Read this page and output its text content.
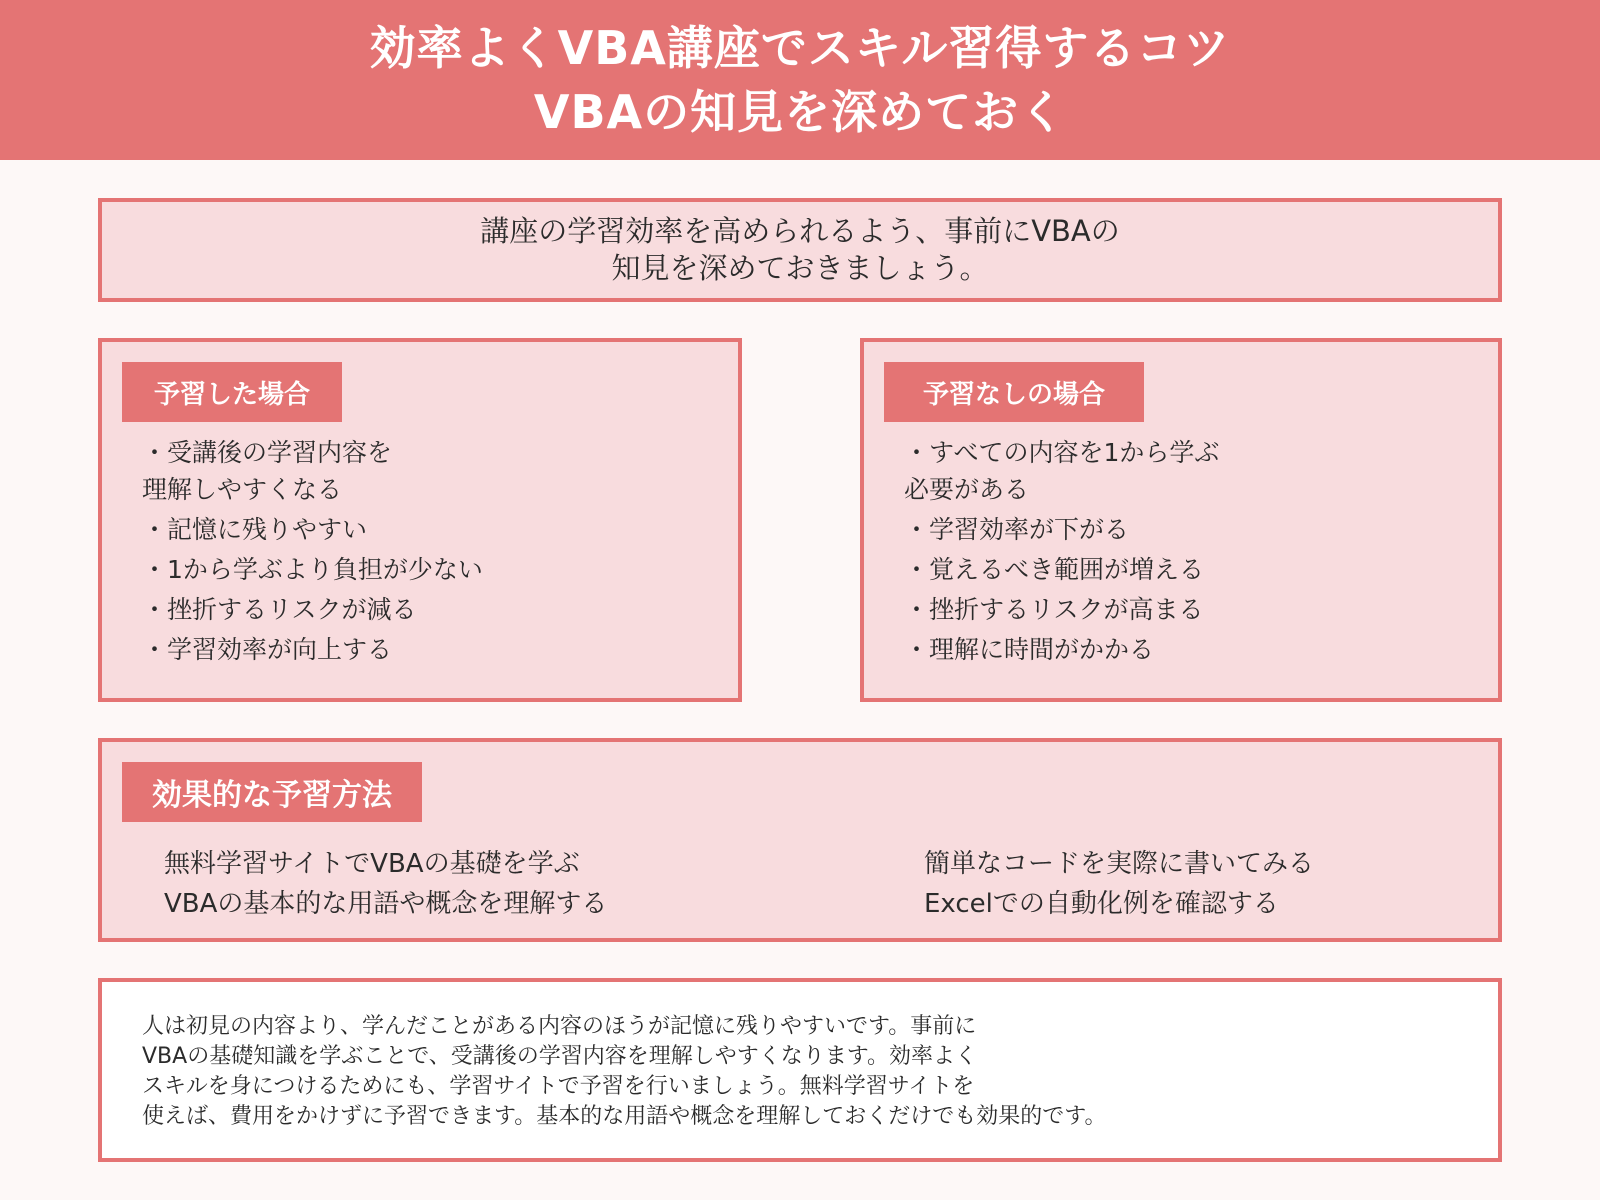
効率よくVBA講座でスキル習得するコツ
VBAの知見を深めておく
講座の学習効率を高められるよう、事前にVBAの
知見を深めておきましょう。
予習した場合
・受講後の学習内容を
理解しやすくなる
・記憶に残りやすい
・1から学ぶより負担が少ない
・挫折するリスクが減る
・学習効率が向上する
予習なしの場合
・すべての内容を1から学ぶ
必要がある
・学習効率が下がる
・覚えるべき範囲が増える
・挫折するリスクが高まる
・理解に時間がかかる
効果的な予習方法
無料学習サイトでVBAの基礎を学ぶ
VBAの基本的な用語や概念を理解する
簡単なコードを実際に書いてみる
Excelでの自動化例を確認する
人は初見の内容より、学んだことがある内容のほうが記憶に残りやすいです。事前に
VBAの基礎知識を学ぶことで、受講後の学習内容を理解しやすくなります。効率よく
スキルを身につけるためにも、学習サイトで予習を行いましょう。無料学習サイトを
使えば、費用をかけずに予習できます。基本的な用語や概念を理解しておくだけでも効果的です。
